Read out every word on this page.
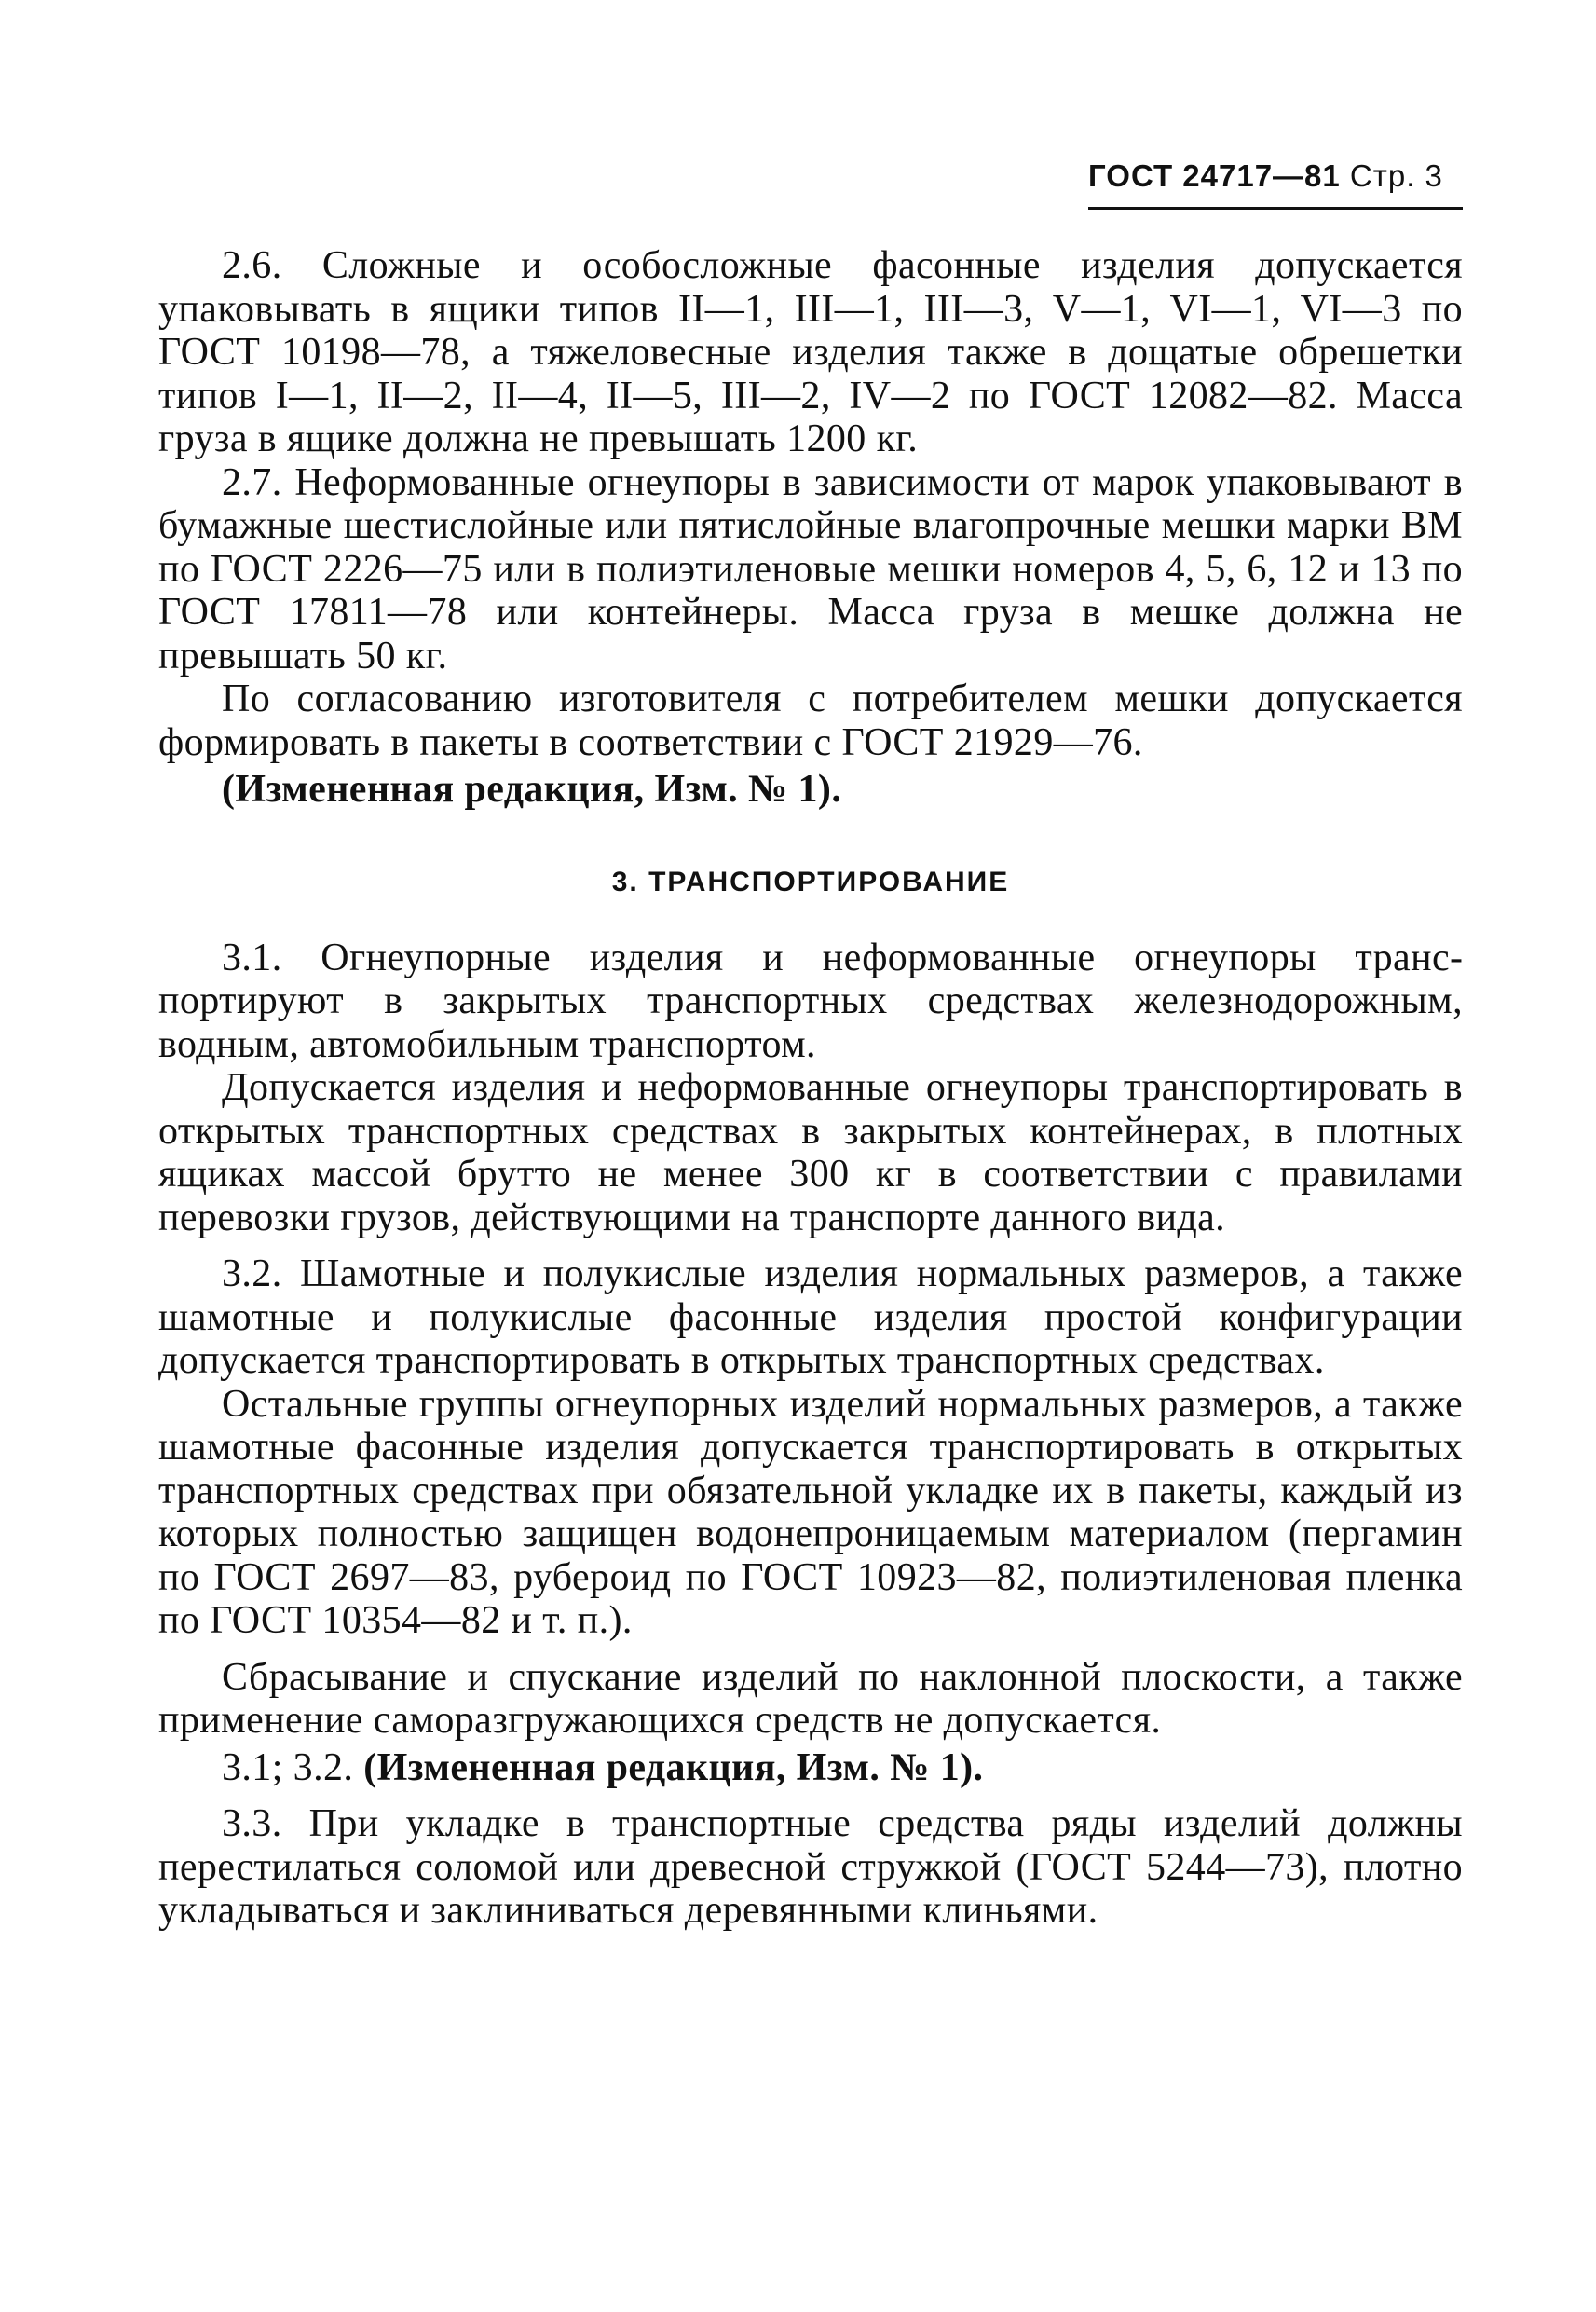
ГОСТ 24717—81 Стр. 3

2.6. Сложные и особосложные фасонные изделия допускается упаковывать в ящики типов II—1, III—1, III—3, V—1, VI—1, VI—3 по ГОСТ 10198—78, а тяжеловесные изделия также в дощатые обрешетки типов I—1, II—2, II—4, II—5, III—2, IV—2 по ГОСТ 12082—82. Масса груза в ящике должна не превышать 1200 кг.

2.7. Неформованные огнеупоры в зависимости от марок упаковывают в бумажные шестислойные или пятислойные влагопрочные мешки марки ВМ по ГОСТ 2226—75 или в полиэтиленовые мешки номеров 4, 5, 6, 12 и 13 по ГОСТ 17811—78 или контейнеры. Масса груза в мешке должна не превышать 50 кг.

По согласованию изготовителя с потребителем мешки допускается формировать в пакеты в соответствии с ГОСТ 21929—76.

(Измененная редакция, Изм. № 1).

3. ТРАНСПОРТИРОВАНИЕ

3.1. Огнеупорные изделия и неформованные огнеупоры транспортируют в закрытых транспортных средствах железнодорожным, водным, автомобильным транспортом.

Допускается изделия и неформованные огнеупоры транспортировать в открытых транспортных средствах в закрытых контейнерах, в плотных ящиках массой брутто не менее 300 кг в соответствии с правилами перевозки грузов, действующими на транспорте данного вида.

3.2. Шамотные и полукислые изделия нормальных размеров, а также шамотные и полукислые фасонные изделия простой конфигурации допускается транспортировать в открытых транспортных средствах.

Остальные группы огнеупорных изделий нормальных размеров, а также шамотные фасонные изделия допускается транспортировать в открытых транспортных средствах при обязательной укладке их в пакеты, каждый из которых полностью защищен водонепроницаемым материалом (пергамин по ГОСТ 2697—83, рубероид по ГОСТ 10923—82, полиэтиленовая пленка по ГОСТ 10354—82 и т. п.).

Сбрасывание и спускание изделий по наклонной плоскости, а также применение саморазгружающихся средств не допускается.

3.1; 3.2. (Измененная редакция, Изм. № 1).

3.3. При укладке в транспортные средства ряды изделий должны перестилаться соломой или древесной стружкой (ГОСТ 5244—73), плотно укладываться и заклиниваться деревянными клиньями.
